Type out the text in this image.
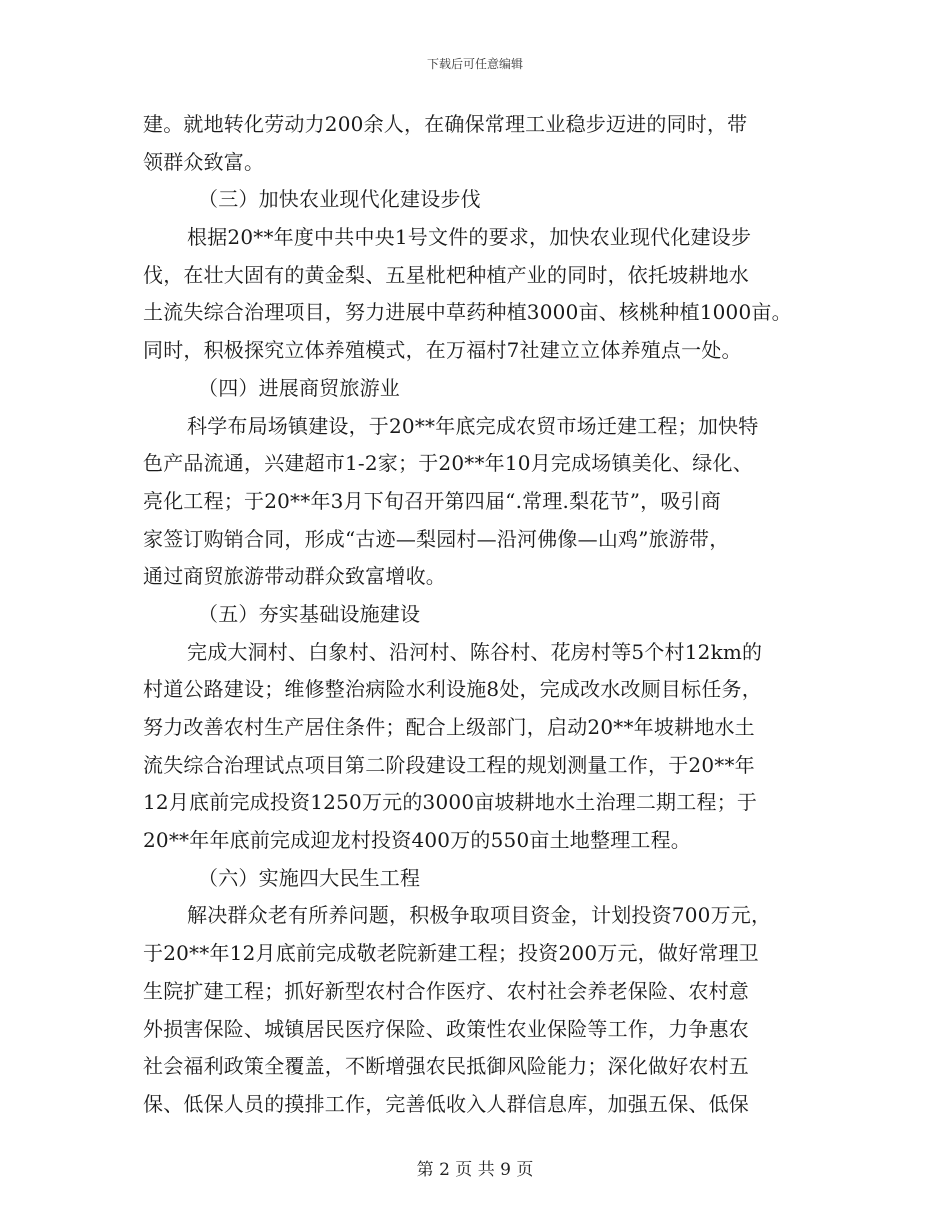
下载后可任意编辑
建。就地转化劳动力200余人，在确保常理工业稳步迈进的同时，带
领群众致富。
（三）加快农业现代化建设步伐
根据20**年度中共中央1号文件的要求，加快农业现代化建设步
伐，在壮大固有的黄金梨、五星枇杷种植产业的同时，依托坡耕地水
土流失综合治理项目，努力进展中草药种植3000亩、核桃种植1000亩。
同时，积极探究立体养殖模式，在万福村7社建立立体养殖点一处。
（四）进展商贸旅游业
科学布局场镇建设，于20**年底完成农贸市场迁建工程；加快特
色产品流通，兴建超市1-2家；于20**年10月完成场镇美化、绿化、
亮化工程；于20**年3月下旬召开第四届“.常理.梨花节”，吸引商
家签订购销合同，形成“古迹—梨园村—沿河佛像—山鸡”旅游带，
通过商贸旅游带动群众致富增收。
（五）夯实基础设施建设
完成大洞村、白象村、沿河村、陈谷村、花房村等5个村12km的
村道公路建设；维修整治病险水利设施8处，完成改水改厕目标任务，
努力改善农村生产居住条件；配合上级部门，启动20**年坡耕地水土
流失综合治理试点项目第二阶段建设工程的规划测量工作，于20**年
12月底前完成投资1250万元的3000亩坡耕地水土治理二期工程；于
20**年年底前完成迎龙村投资400万的550亩土地整理工程。
（六）实施四大民生工程
解决群众老有所养问题，积极争取项目资金，计划投资700万元，
于20**年12月底前完成敬老院新建工程；投资200万元，做好常理卫
生院扩建工程；抓好新型农村合作医疗、农村社会养老保险、农村意
外损害保险、城镇居民医疗保险、政策性农业保险等工作，力争惠农
社会福利政策全覆盖，不断增强农民抵御风险能力；深化做好农村五
保、低保人员的摸排工作，完善低收入人群信息库，加强五保、低保
第 2 页 共 9 页
